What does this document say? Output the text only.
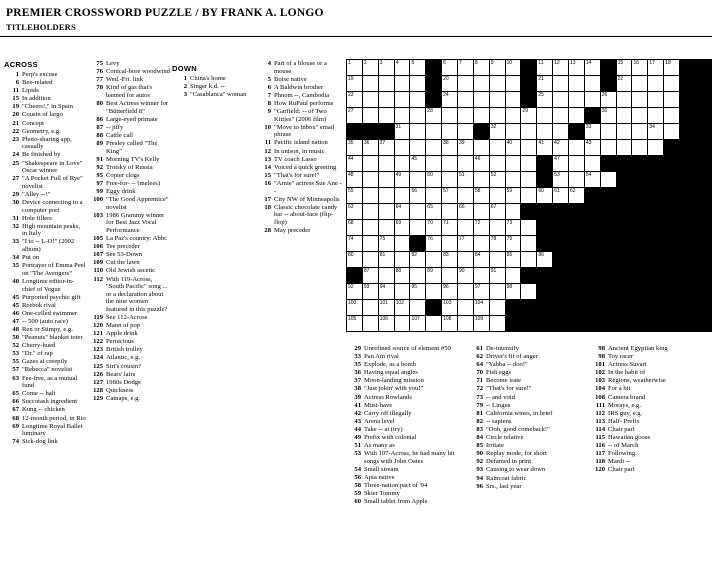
PREMIER CROSSWORD PUZZLE / BY FRANK A. LONGO
TITLEHOLDERS
ACROSS
1 Perp's excuse
6 Bee-related
11 Lipids
15 In addition
19 "Cheers!," in Spain
20 Cousin of largo
21 Concept
22 Geometry, e.g.
23 Photo-sharing app, casually
24 Be finished by
25 "Shakespeare in Love" Oscar winner
27 "A Pocket Full of Rye" novelist
29 "Alley --!"
30 Device connecting to a computer port
31 Hole fillers
32 High mountain peaks, in Italy
33 "I to -- L-O!" (2002 album)
34 Put on
35 Portrayer of Emma Peel on "The Avengers"
40 Longtime editor-in-chief of Vogue
45 Purported psychic gift
45 Reebok rival
46 One-celled swimmer
47 -- 500 (auto race)
48 Ren or Stimpy, e.g.
50 "Peanuts" blanket toter
52 Cherry-hued
53 "Dr." of rap
55 Gazes at creepily
57 "Rebecca" novelist
63 Fee-free, as a mutual fund
65 Come -- halt
66 Succotash ingredient
67 Kung -- chicken
68 12-month period, in Rio
69 Longtime Royal Ballet luminary
74 Sick-dog link
75 Levy
76 Conical-bore woodwind
77 Wed.-Fri. link
78 Kind of gas that's banned for autos
80 Best Actress winner for "Bütterfield 8"
86 Large-eyed primate
87 -- jiffy
88 Cattle call
89 Presley called "The King"
91 Morning TV's Kelly
92 Trotsky of Russia
95 Copier clogs
97 Free-for- -- (melees)
99 Eggy drink
100 "The Good Apprentice" novelist
103 1986 Grammy winner for Best Jazz Vocal Performance
105 La Paz's country: Abbr.
106 Tee preceder
107 See 53-Down
109 Cut the lawn
110 Old Jewish ascetic
112 With 119-Across, "South Pacific" song ... or a declaration about the nine women featured in this puzzle?
119 See 112-Across
120 Mann of pop
121 Apple drink
122 Pernicious
123 British trolley
124 Atlantic, e.g.
125 Siri's cousin?
126 Bears' lairs
127 1980s Dodge
128 Quickness
129 Catnaps, e.g.
DOWN
1 China's home
2 Singer k.d. --
3 "Casablanca" woman
4 Part of a blouse or a mouse
5 Boise native
6 A Baldwin brother
7 Phnom --, Cambodia
8 How RuPaul performs
9 "Garfield: -- of Two Kitties" (2006 film)
10 "Move to inbox" email phrase
11 Pacific island nation
12 In unison, in music
13 TV coach Lasso
14 Voiced a quick greeting
15 "That's for sure!"
16 "Arnie" actress Sue Ane --
17 City NW of Minneapolis
18 Classic chocolate candy bar -- about-face (flip-flop)
28 May preceder
29 Unrefined source of element #50
33 Pan Am rival
35 Explode, as a bomb
36 Having equal angles
37 Moon-landing mission
38 "Just jokin' with you!"
39 Actress Rowlands
41 Must-have
42 Carry off illegally
43 Arena level
44 Take -- at (try)
49 Prefix with colonial
51 As many as
53 With 107-Across, he had many hit songs with John Oates
54 Small stream
56 Apia native
58 Three-nation pact of '94
59 Skier Tommy
60 Small tablet from Apple
61 De-intensify
62 Driver's fit of anger
64 "Yabba -- doo!"
70 Fish eggs
71 Become irate
72 "That's for sure!"
73 -- and void
79 -- Lingus
81 California wines, in brief
82 -- sapiens
83 "Ooh, good comeback!"
84 Circle relative
85 Irritate
90 Replay mode, for short
92 Defamed in print
93 Causing to wear down
94 Raincoat fabric
96 Srs., last year
98 Ancient Egyptian king
98 Toy racer
101 Actress Suvari
102 In the habit of
103 Regions, weatherwise
104 For a bit
108 Camera brand
111 Morays, e.g.
112 IRS guy, e.g.
113 Half- Prefix
114 Chair part
115 Hawaiian goose
116 -- of March
117 Following
118 Mardi --
120 Chair part
1	2	3	4	5		6	7	8	9	10		11	12	13	14		15	16	17	18		

19						20						21					22					

23						24						25				26						

27					28						29					30						

			31						32						33				34			

35	36	37				38	39			40		41	42		43							

44				45				46					47									

48			49		50		51		52				53		54							

55				56		57		58		59		60	61	62								

63			64		65		66		67													

68			69		70	71		72		73												

74		75			76		77		78	79												

80		81		82		83		84		85		86										

	87		88		89		90		91													

92	93	94		95		96		97		98												

100		101	102			103		104														

105		106		107		108		109														
